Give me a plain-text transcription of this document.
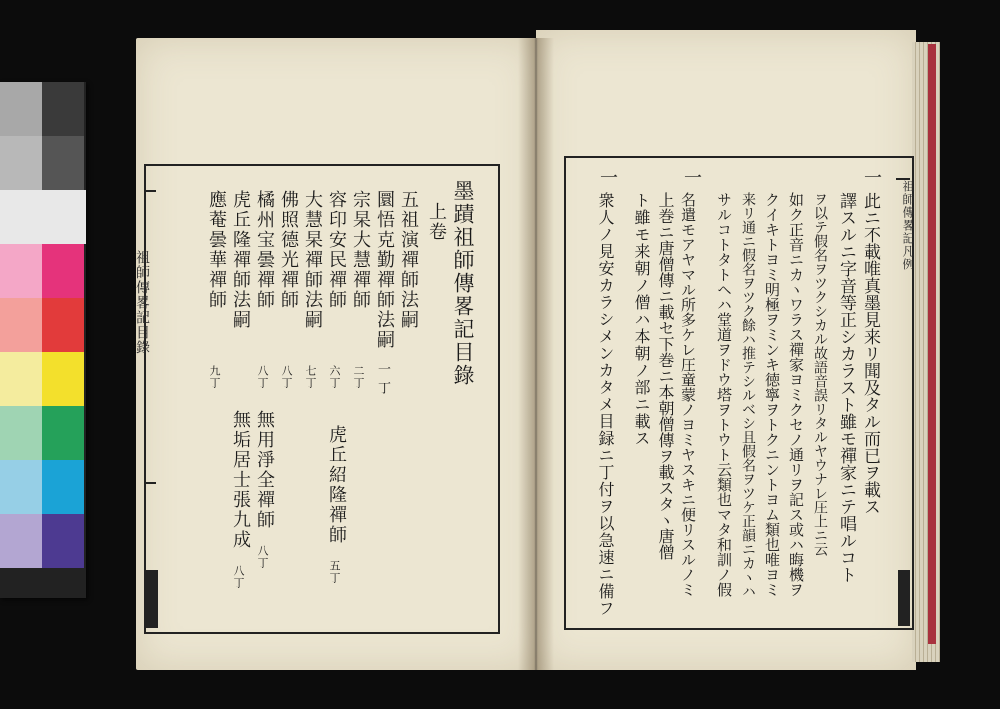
祖師傳畧記目錄	墨蹟祖師傳畧記目錄
上卷
五祖演禪師法嗣
圜悟克勤禪師法嗣
一丁
宗杲大慧禪師
二丁
容印安民禪師
六丁
大慧杲禪師法嗣
七丁
佛照德光禪師
八丁
橘州宝曇禪師
八丁
虎丘隆禪師法嗣
應菴曇華禪師
九丁
虎丘紹隆禪師
五丁
無用淨全禪師
八丁
無垢居士張九成
八丁
祖師傳畧記凡例
一
此ニ不載唯真墨見来リ聞及タル而已ヲ載ス
譯スルニ字音等正シカラスト雖モ禪家ニテ唱ルコト
ヲ以テ假名ヲツクシカル故語音誤リタルヤウナレ圧上ニ云
如ク正音ニカヽワラス禪家ヨミクセノ通リヲ記ス或ハ晦機ヲ
クイキトヨミ明極ヲミンキ徳寧ヲトクニントヨム類也唯ヨミ
来リ通ニ假名ヲツク餘ハ推テシルベシ且假名ヲツケ正韻ニカヽハ
サルコトタトヘハ堂道ヲドウ塔ヲトウト云類也マタ和訓ノ假
一
名遣モアヤマル所多ケレ圧童蒙ノヨミヤスキニ便リスルノミ
上巻ニ唐僧傳ニ載セ下巻ニ本朝僧傳ヲ載スタヽ唐僧
ト雖モ来朝ノ僧ハ本朝ノ部ニ載ス
一
衆人ノ見安カラシメンカタメ目録ニ丁付ヲ以急速ニ備フ
